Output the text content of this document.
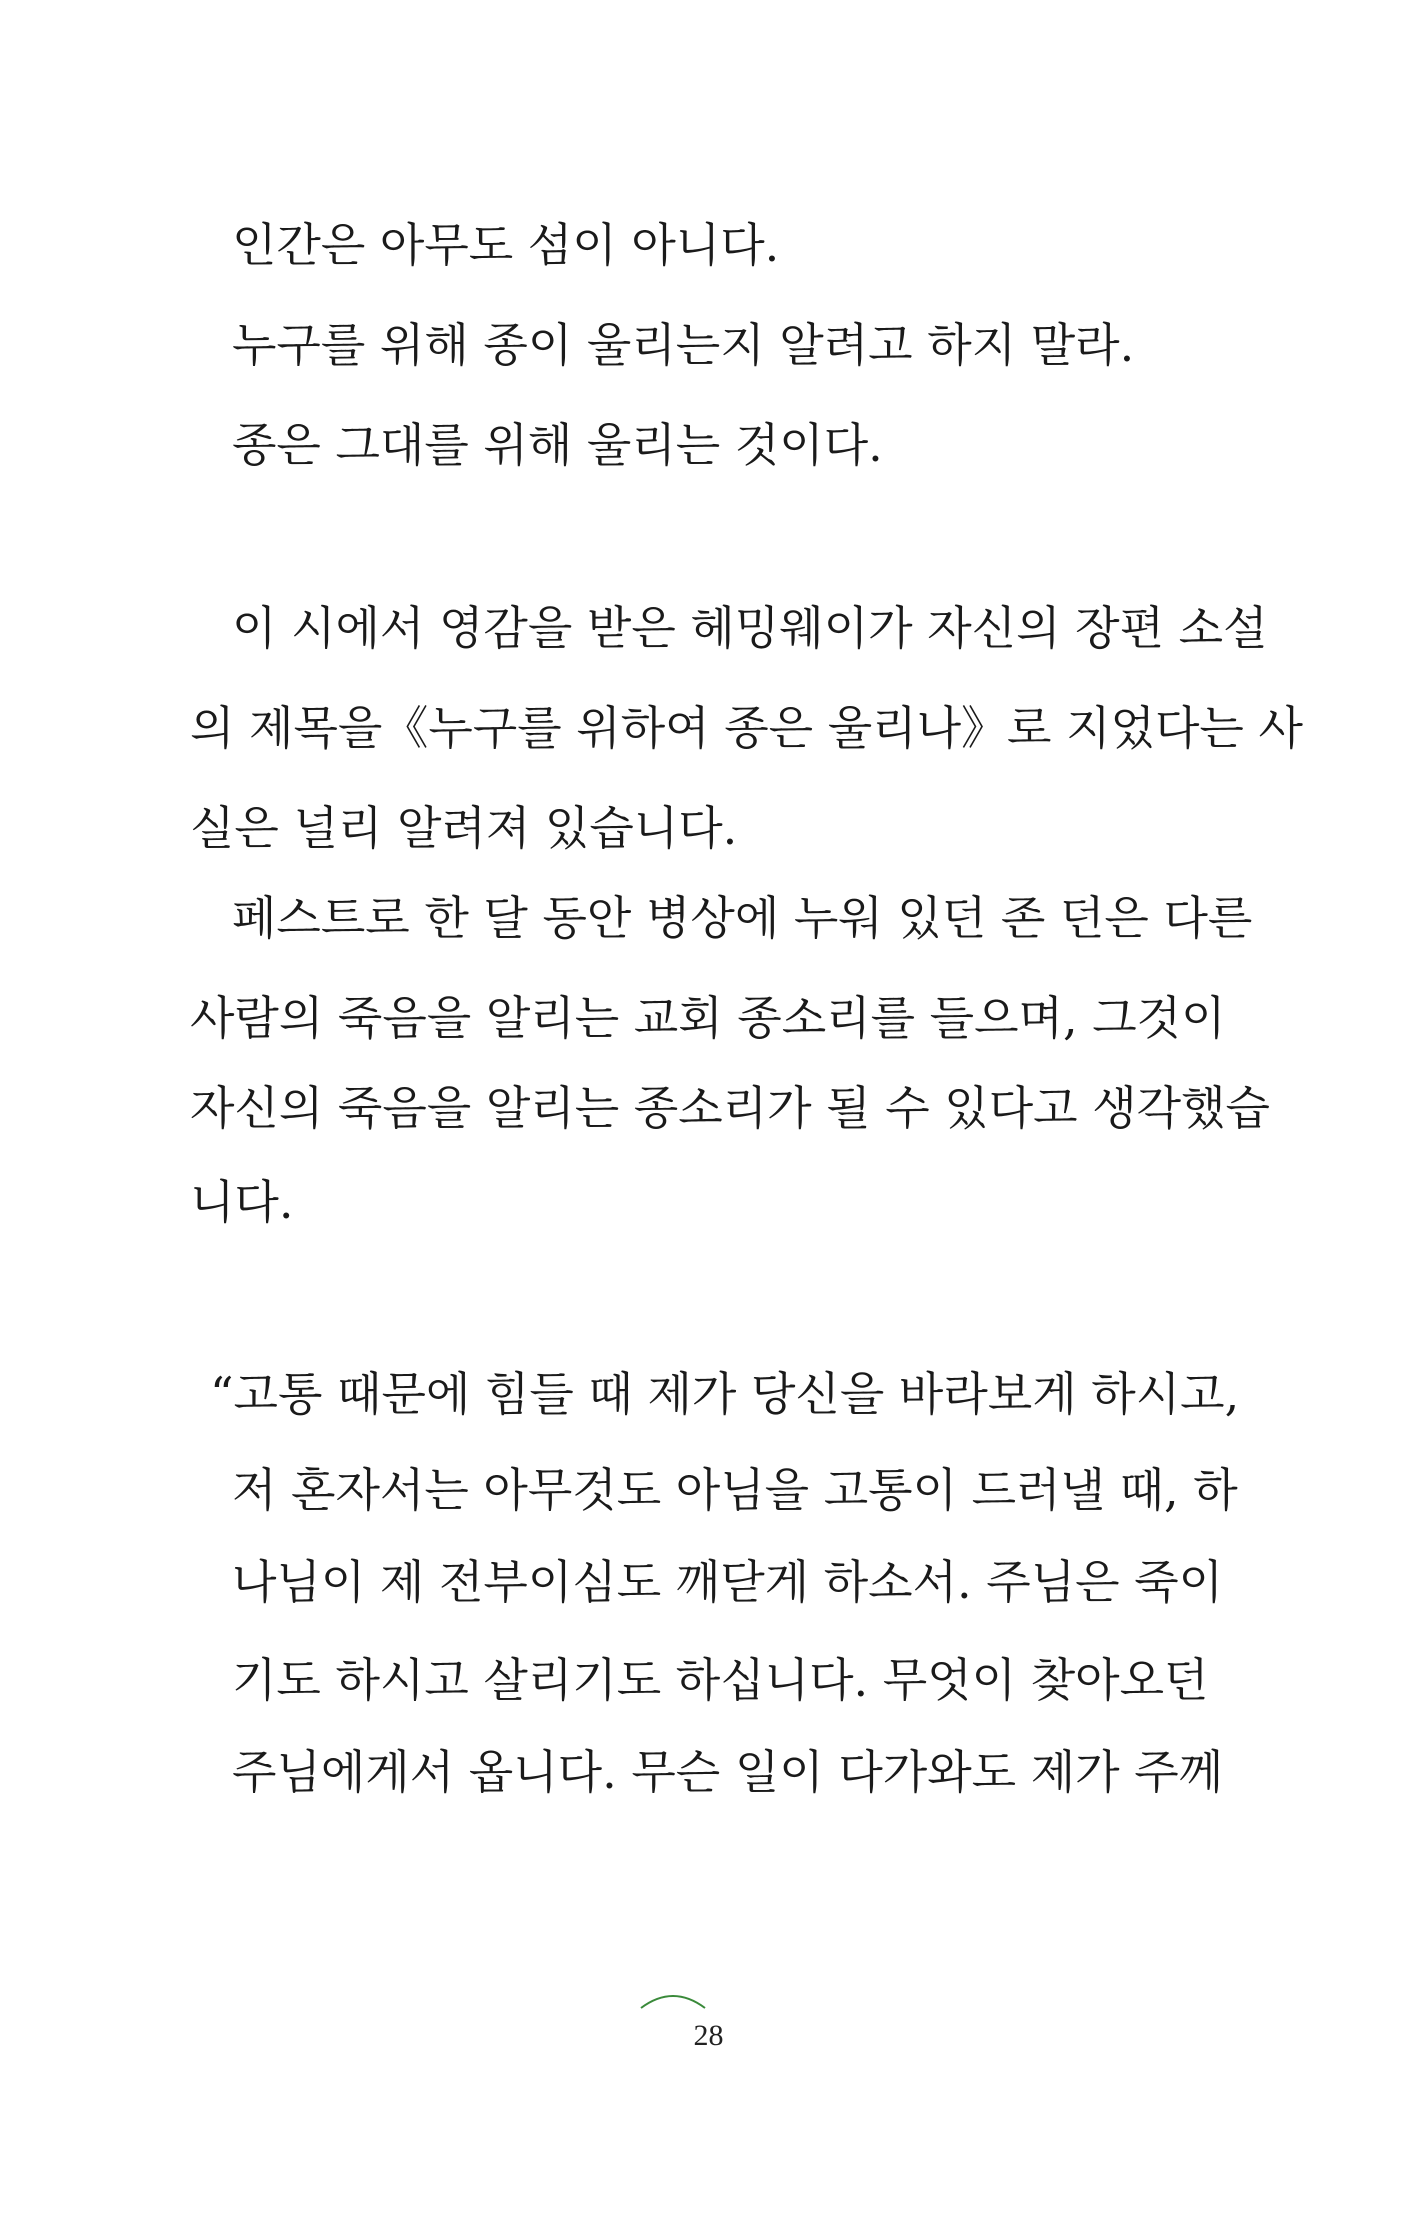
인간은 아무도 섬이 아니다.
누구를 위해 종이 울리는지 알려고 하지 말라.
종은 그대를 위해 울리는 것이다.
이 시에서 영감을 받은 헤밍웨이가 자신의 장편 소설
의 제목을《누구를 위하여 종은 울리나》로 지었다는 사
실은 널리 알려져 있습니다.
페스트로 한 달 동안 병상에 누워 있던 존 던은 다른
사람의 죽음을 알리는 교회 종소리를 들으며, 그것이
자신의 죽음을 알리는 종소리가 될 수 있다고 생각했습
니다.
“고통 때문에 힘들 때 제가 당신을 바라보게 하시고,
저 혼자서는 아무것도 아님을 고통이 드러낼 때, 하
나님이 제 전부이심도 깨닫게 하소서. 주님은 죽이
기도 하시고 살리기도 하십니다. 무엇이 찾아오던
주님에게서 옵니다. 무슨 일이 다가와도 제가 주께
28
